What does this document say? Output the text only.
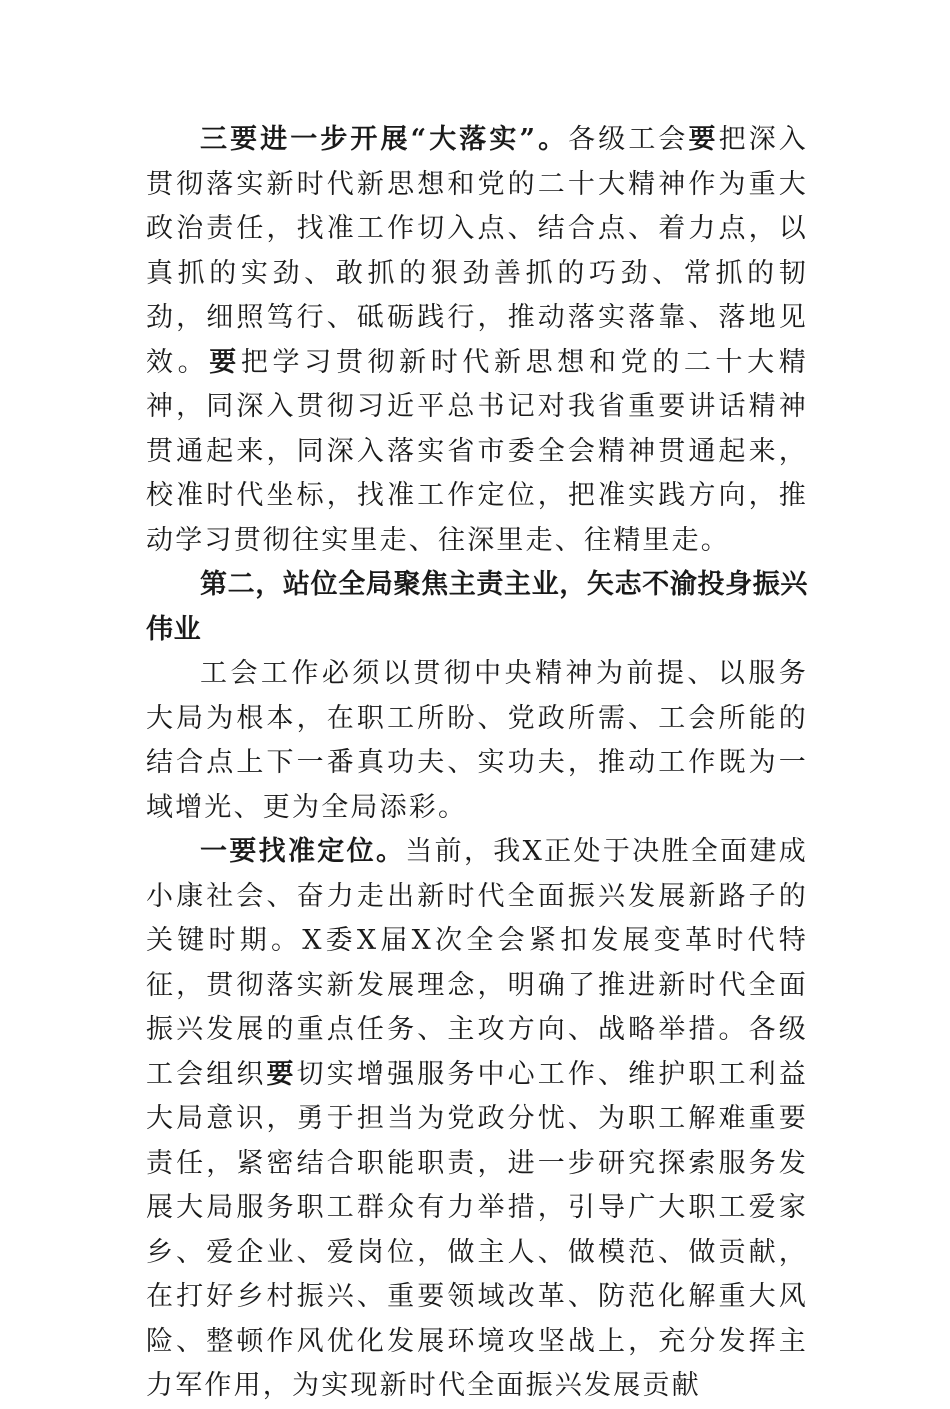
三要进一步开展“大落实”。各级工会要把深入贯彻落实新时代新思想和党的二十大精神作为重大政治责任，找准工作切入点、结合点、着力点，以真抓的实劲、敢抓的狠劲善抓的巧劲、常抓的韧劲，细照笃行、砥砺践行，推动落实落靠、落地见效。要把学习贯彻新时代新思想和党的二十大精神，同深入贯彻习近平总书记对我省重要讲话精神贯通起来，同深入落实省市委全会精神贯通起来，校准时代坐标，找准工作定位，把准实践方向，推动学习贯彻往实里走、往深里走、往精里走。

第二，站位全局聚焦主责主业，矢志不渝投身振兴伟业

工会工作必须以贯彻中央精神为前提、以服务大局为根本，在职工所盼、党政所需、工会所能的结合点上下一番真功夫、实功夫，推动工作既为一域增光、更为全局添彩。

一要找准定位。当前，我X正处于决胜全面建成小康社会、奋力走出新时代全面振兴发展新路子的关键时期。X委X届X次全会紧扣发展变革时代特征，贯彻落实新发展理念，明确了推进新时代全面振兴发展的重点任务、主攻方向、战略举措。各级工会组织要切实增强服务中心工作、维护职工利益大局意识，勇于担当为党政分忧、为职工解难重要责任，紧密结合职能职责，进一步研究探索服务发展大局服务职工群众有力举措，引导广大职工爱家乡、爱企业、爱岗位，做主人、做模范、做贡献，在打好乡村振兴、重要领域改革、防范化解重大风险、整顿作风优化发展环境攻坚战上，充分发挥主力军作用，为实现新时代全面振兴发展贡献
